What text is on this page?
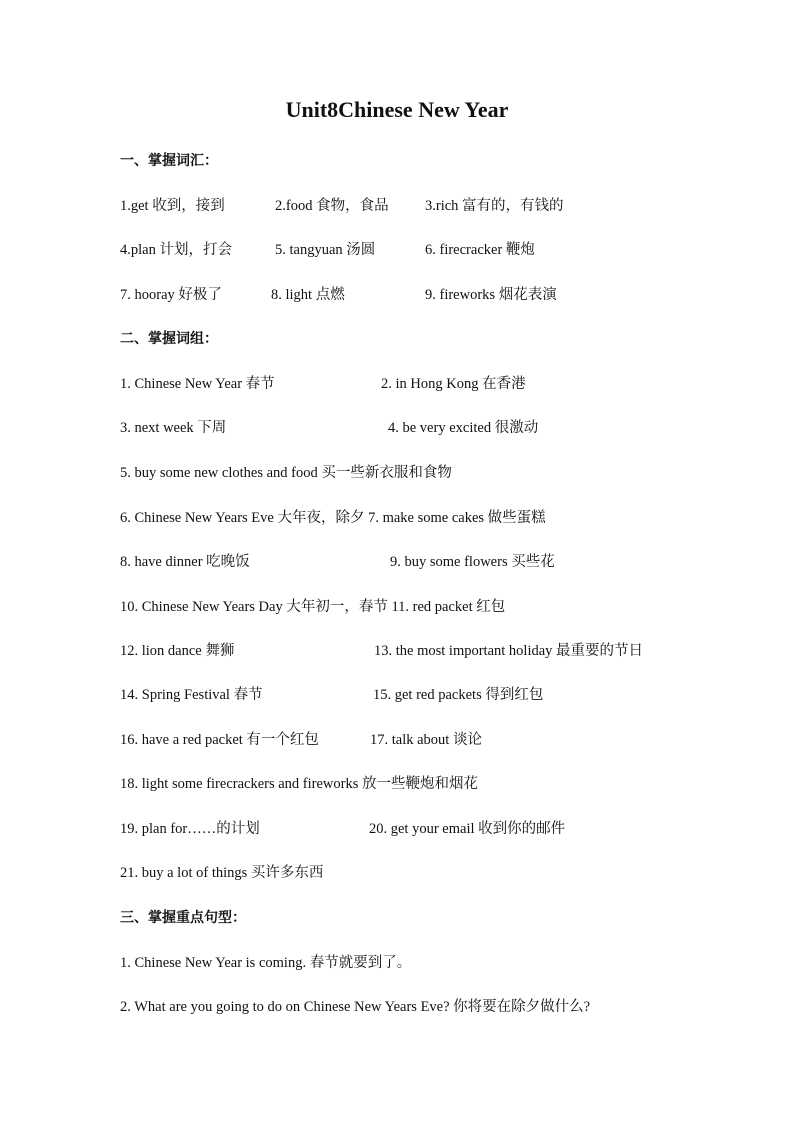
Unit8Chinese New Year
一、掌握词汇：
1.get 收到，接到	2.food 食物，食品	3.rich 富有的，有钱的
4.plan 计划，打会	5. tangyuan 汤圆	6. firecracker 鞭炮
7. hooray 好极了	8. light 点燃	9. fireworks 烟花表演
二、掌握词组：
1. Chinese New Year 春节	2. in Hong Kong 在香港
3. next week 下周	4. be very excited 很激动
5. buy some new clothes and food 买一些新衣服和食物
6. Chinese New Years Eve 大年夜，除夕 7. make some cakes 做些蛋糕
8. have dinner 吃晚饭	9. buy some flowers 买些花
10. Chinese New Years Day 大年初一，春节 11. red packet 红包
12. lion dance 舞狮	13. the most important holiday 最重要的节日
14. Spring Festival 春节	15. get red packets 得到红包
16. have a red packet 有一个红包	17. talk about 谈论
18. light some firecrackers and fireworks 放一些鞭炮和烟花
19. plan for……的计划	20. get your email 收到你的邮件
21. buy a lot of things 买许多东西
三、掌握重点句型：
1. Chinese New Year is coming. 春节就要到了。
2. What are you going to do on Chinese New Years Eve? 你将要在除夕做什么?
